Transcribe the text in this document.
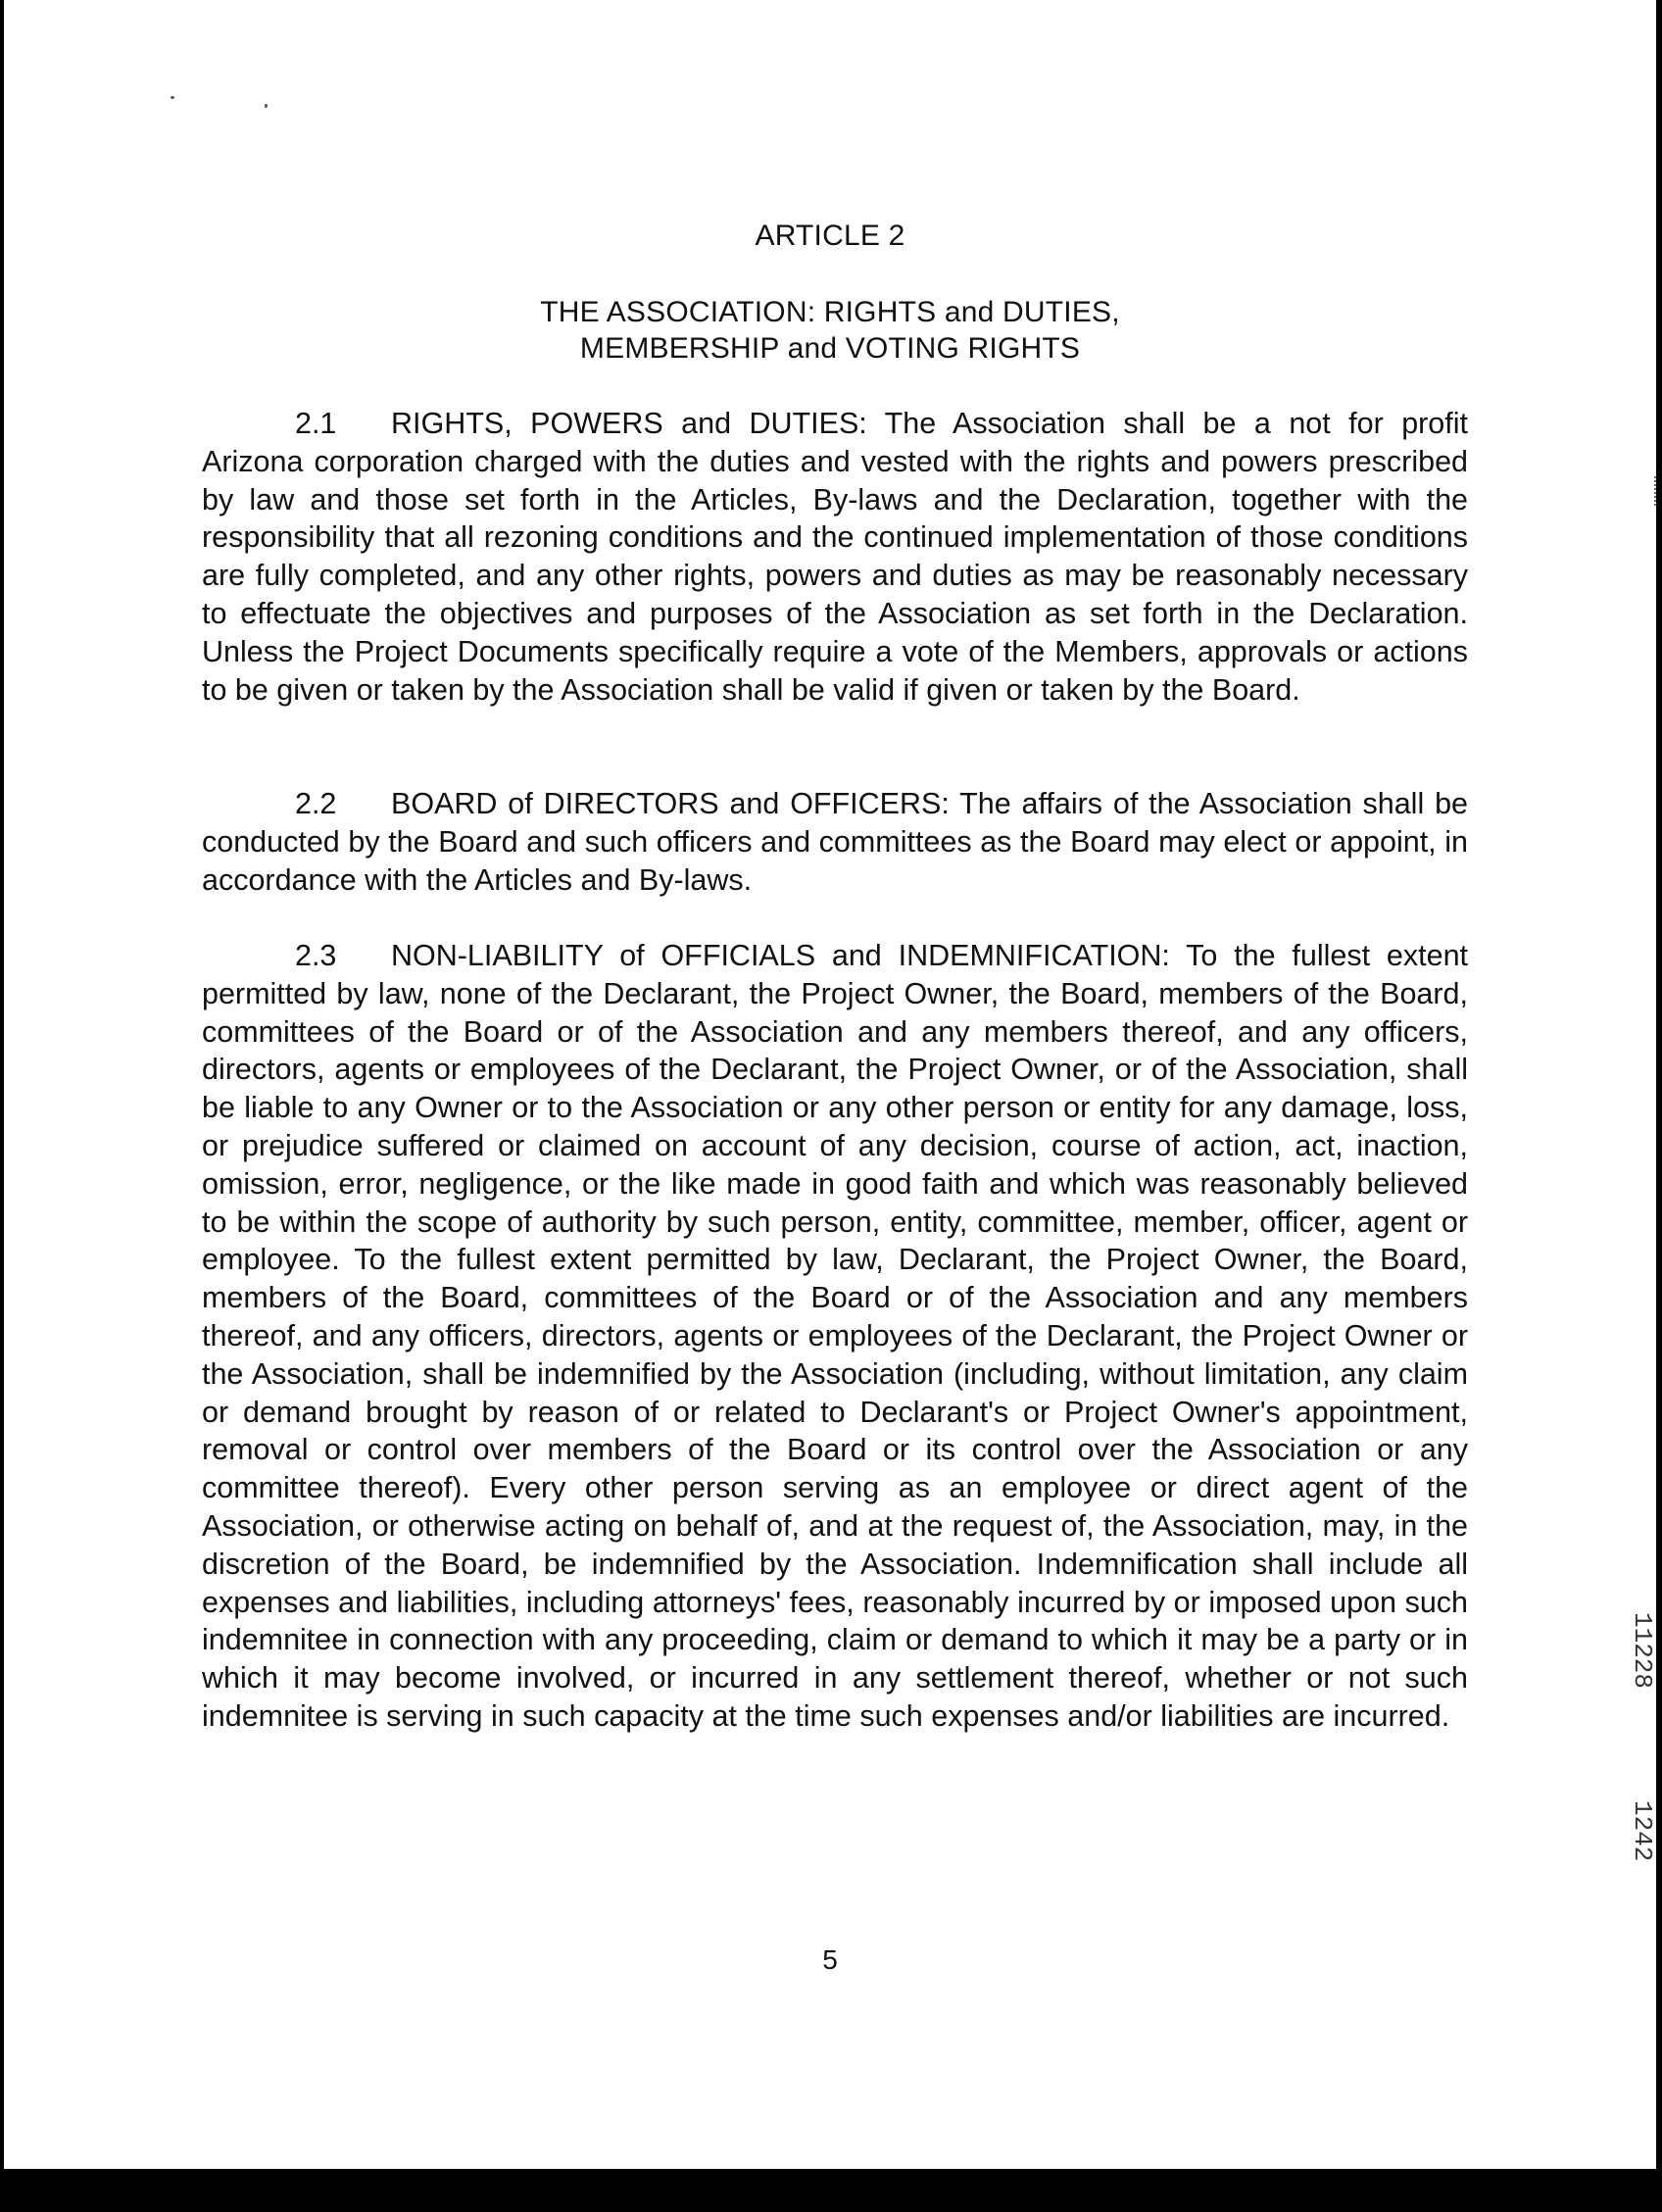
ARTICLE 2
THE ASSOCIATION: RIGHTS and DUTIES,
MEMBERSHIP and VOTING RIGHTS

2.1 RIGHTS, POWERS and DUTIES: The Association shall be a not for profit Arizona corporation charged with the duties and vested with the rights and powers prescribed by law and those set forth in the Articles, By-laws and the Declaration, together with the responsibility that all rezoning conditions and the continued implementation of those conditions are fully completed, and any other rights, powers and duties as may be reasonably necessary to effectuate the objectives and purposes of the Association as set forth in the Declaration. Unless the Project Documents specifically require a vote of the Members, approvals or actions to be given or taken by the Association shall be valid if given or taken by the Board.

2.2 BOARD of DIRECTORS and OFFICERS: The affairs of the Association shall be conducted by the Board and such officers and committees as the Board may elect or appoint, in accordance with the Articles and By-laws.

2.3 NON-LIABILITY of OFFICIALS and INDEMNIFICATION: To the fullest extent permitted by law, none of the Declarant, the Project Owner, the Board, members of the Board, committees of the Board or of the Association and any members thereof, and any officers, directors, agents or employees of the Declarant, the Project Owner, or of the Association, shall be liable to any Owner or to the Association or any other person or entity for any damage, loss, or prejudice suffered or claimed on account of any decision, course of action, act, inaction, omission, error, negligence, or the like made in good faith and which was reasonably believed to be within the scope of authority by such person, entity, committee, member, officer, agent or employee. To the fullest extent permitted by law, Declarant, the Project Owner, the Board, members of the Board, committees of the Board or of the Association and any members thereof, and any officers, directors, agents or employees of the Declarant, the Project Owner or the Association, shall be indemnified by the Association (including, without limitation, any claim or demand brought by reason of or related to Declarant's or Project Owner's appointment, removal or control over members of the Board or its control over the Association or any committee thereof). Every other person serving as an employee or direct agent of the Association, or otherwise acting on behalf of, and at the request of, the Association, may, in the discretion of the Board, be indemnified by the Association. Indemnification shall include all expenses and liabilities, including attorneys' fees, reasonably incurred by or imposed upon such indemnitee in connection with any proceeding, claim or demand to which it may be a party or in which it may become involved, or incurred in any settlement thereof, whether or not such indemnitee is serving in such capacity at the time such expenses and/or liabilities are incurred.

5
11228
1242
